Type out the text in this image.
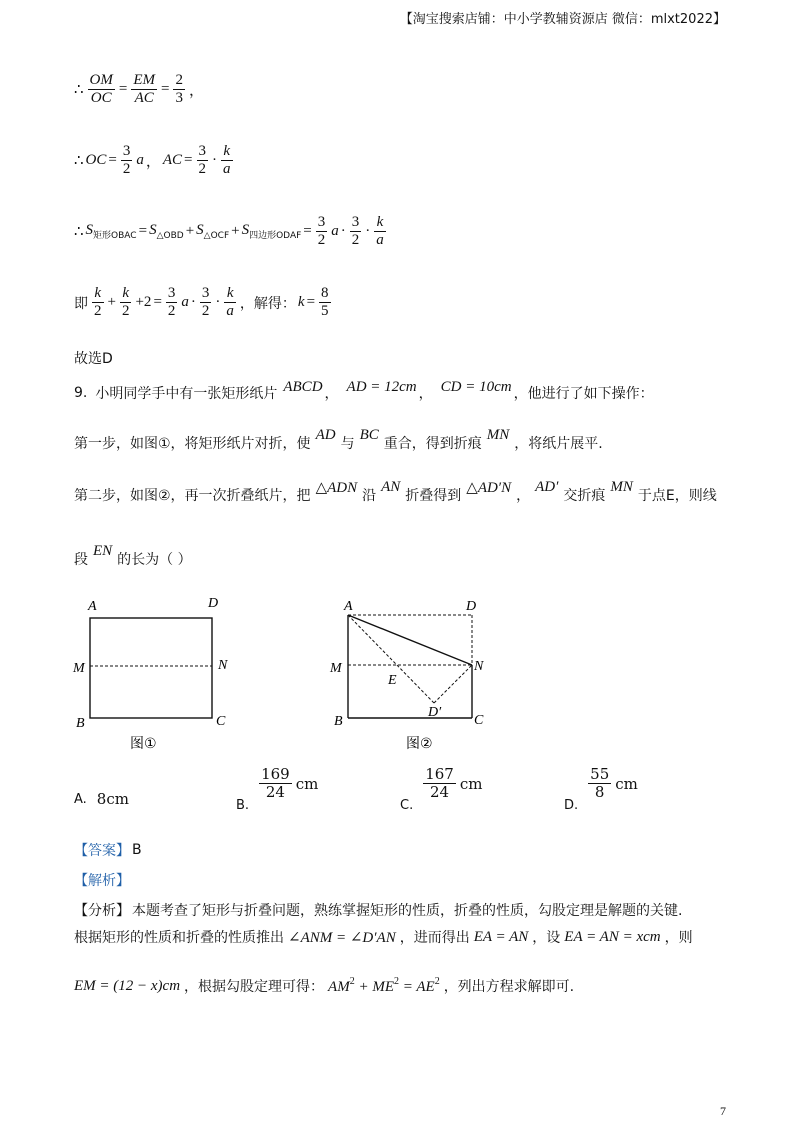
【淘宝搜索店铺：中小学教辅资源店 微信：mlxt2022】
∴ $\frac{OM}{OC} = \frac{EM}{AC} = \frac{2}{3}$ ，
∴ OC = $\frac{3}{2}$ a ， AC = $\frac{3}{2} \cdot \frac{k}{a}$
∴ $S_{矩形OBAC} = S_{\triangle OBD} + S_{\triangle OCF} + S_{四边形ODAF} = \frac{3}{2}$ $a \cdot \frac{3}{2} \cdot \frac{k}{a}$
即 $\frac{k}{2} + \frac{k}{2} +2 = \frac{3}{2}$ $a \cdot \frac{3}{2} \cdot \frac{k}{a}$ ，解得： $k = \frac{8}{5}$
故选D
9. 小明同学手中有一张矩形纸片 ABCD ， AD = 12cm ， CD = 10cm ，他进行了如下操作：
第一步，如图①，将矩形纸片对折，使
AD
与
BC
重合，得到折痕
MN
，将纸片展平.
第二步，如图②，再一次折叠纸片，把
△ADN
沿
AN
折叠得到
△AD′N
，
AD′
交折痕
MN
于点E，则线
段
EN
的长为（ ）
A	D
M	N
B	C
图①
A	D
M	N
E
D′
B	C
图②
A. 8cm	B.
$\frac{169}{24}$ cm
C.
$\frac{167}{24}$ cm
D.
$\frac{55}{8}$ cm
【答案】 B
【解析】
【分析】 本题考查了矩形与折叠问题，熟练掌握矩形的性质，折叠的性质，勾股定理是解题的关键.
根据矩形的性质和折叠的性质推出 ∠ANM = ∠D′AN ，进而得出 EA = AN ，设 EA = AN = xcm ，则
EM = (12 − x)cm ，根据勾股定理可得： $AM^2 + ME^2 = AE^2$ ，列出方程求解即可.
7
